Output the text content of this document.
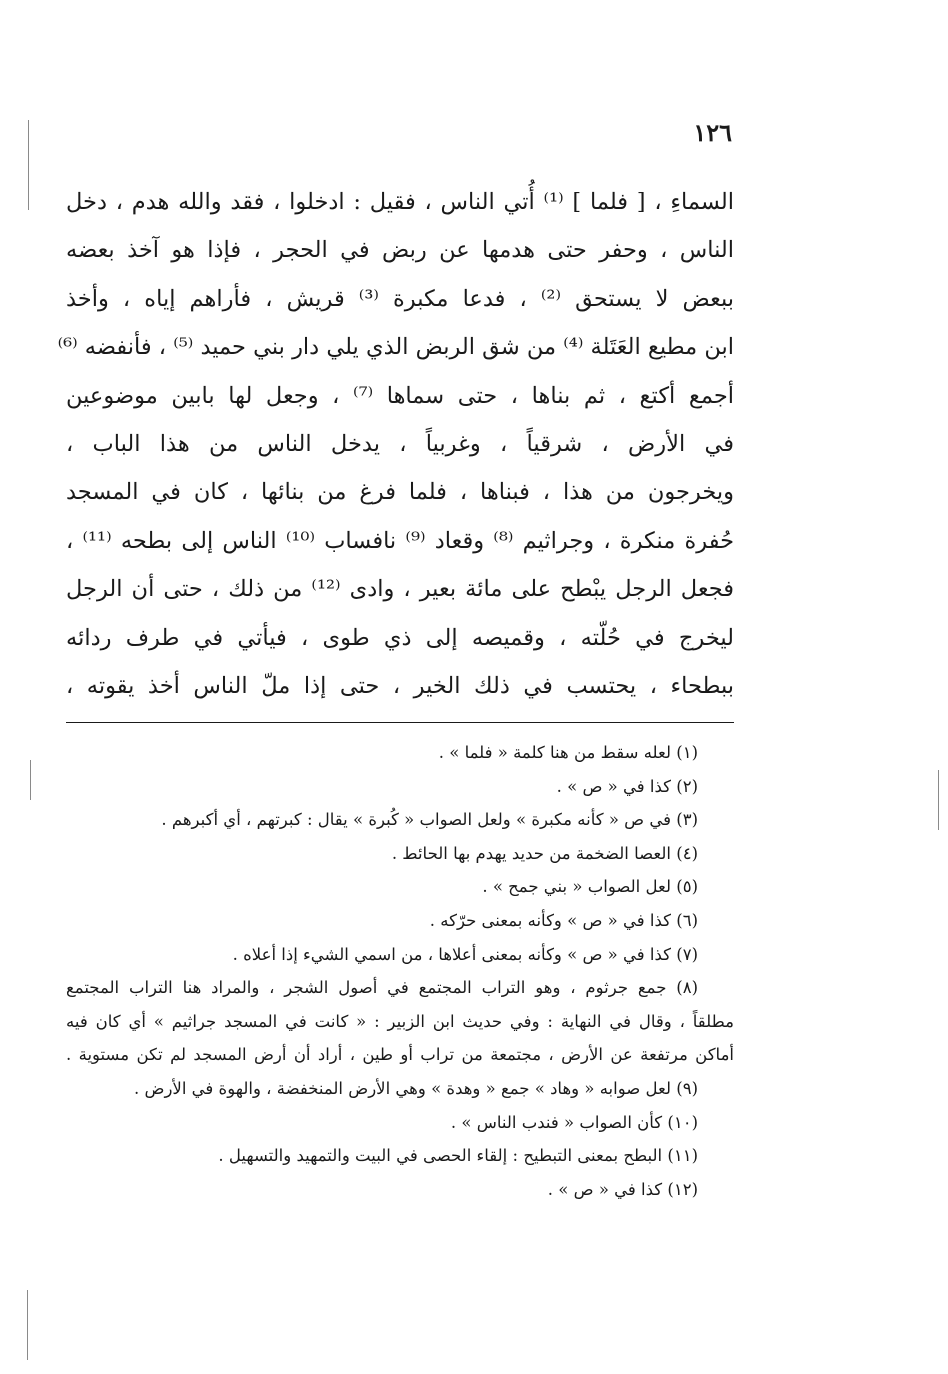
١٢٦
السماءِ ، [ فلما ] ⁽¹⁾ أُتي الناس ، فقيل : ادخلوا ، فقد والله هدم ، دخل
الناس ، وحفر حتى هدمها عن ربض في الحجر ، فإذا هو آخذ بعضه
ببعض لا يستحق ⁽²⁾ ، فدعا مكبرة ⁽³⁾ قريش ، فأراهم إياه ، وأخذ
ابن مطيع العَتَلة ⁽⁴⁾ من شق الربض الذي يلي دار بني حميد ⁽⁵⁾ ، فأنفضه ⁽⁶⁾
أجمع أكتع ، ثم بناها ، حتى سماها ⁽⁷⁾ ، وجعل لها بابين موضوعين
في الأرض ، شرقياً ، وغربياً ، يدخل الناس من هذا الباب ،
ويخرجون من هذا ، فبناها ، فلما فرغ من بنائها ، كان في المسجد
حُفرة منكرة ، وجراثيم ⁽⁸⁾ وقعاد ⁽⁹⁾ نافساب ⁽¹⁰⁾ الناس إلى بطحه ⁽¹¹⁾ ،
فجعل الرجل يبْطح على مائة بعير ، وادى ⁽¹²⁾ من ذلك ، حتى أن الرجل
ليخرج في حُلّته ، وقميصه إلى ذي طوى ، فيأتي في طرف ردائه
ببطحاء ، يحتسب في ذلك الخير ، حتى إذا ملّ الناس أخذ يقوته ،
(١) لعله سقط من هنا كلمة « فلما » .
(٢) كذا في « ص » .
(٣) في ص « كأنه مكبرة » ولعل الصواب « كُبرة » يقال : كبرتهم ، أي أكبرهم .
(٤) العصا الضخمة من حديد يهدم بها الحائط .
(٥) لعل الصواب « بني جمح » .
(٦) كذا في « ص » وكأنه بمعنى حرّكه .
(٧) كذا في « ص » وكأنه بمعنى أعلاها ، من اسمي الشيء إذا أعلاه .
(٨) جمع جرثوم ، وهو التراب المجتمع في أصول الشجر ، والمراد هنا التراب المجتمع
مطلقاً ، وقال في النهاية : وفي حديث ابن الزبير : « كانت في المسجد جراثيم » أي كان فيه
أماكن مرتفعة عن الأرض ، مجتمعة من تراب أو طين ، أراد أن أرض المسجد لم تكن مستوية .
(٩) لعل صوابه « وهاد » جمع « وهدة » وهي الأرض المنخفضة ، والهوة في الأرض .
(١٠) كأن الصواب « فندب الناس » .
(١١) البطح بمعنى التبطيح : إلقاء الحصى في البيت والتمهيد والتسهيل .
(١٢) كذا في « ص » .
